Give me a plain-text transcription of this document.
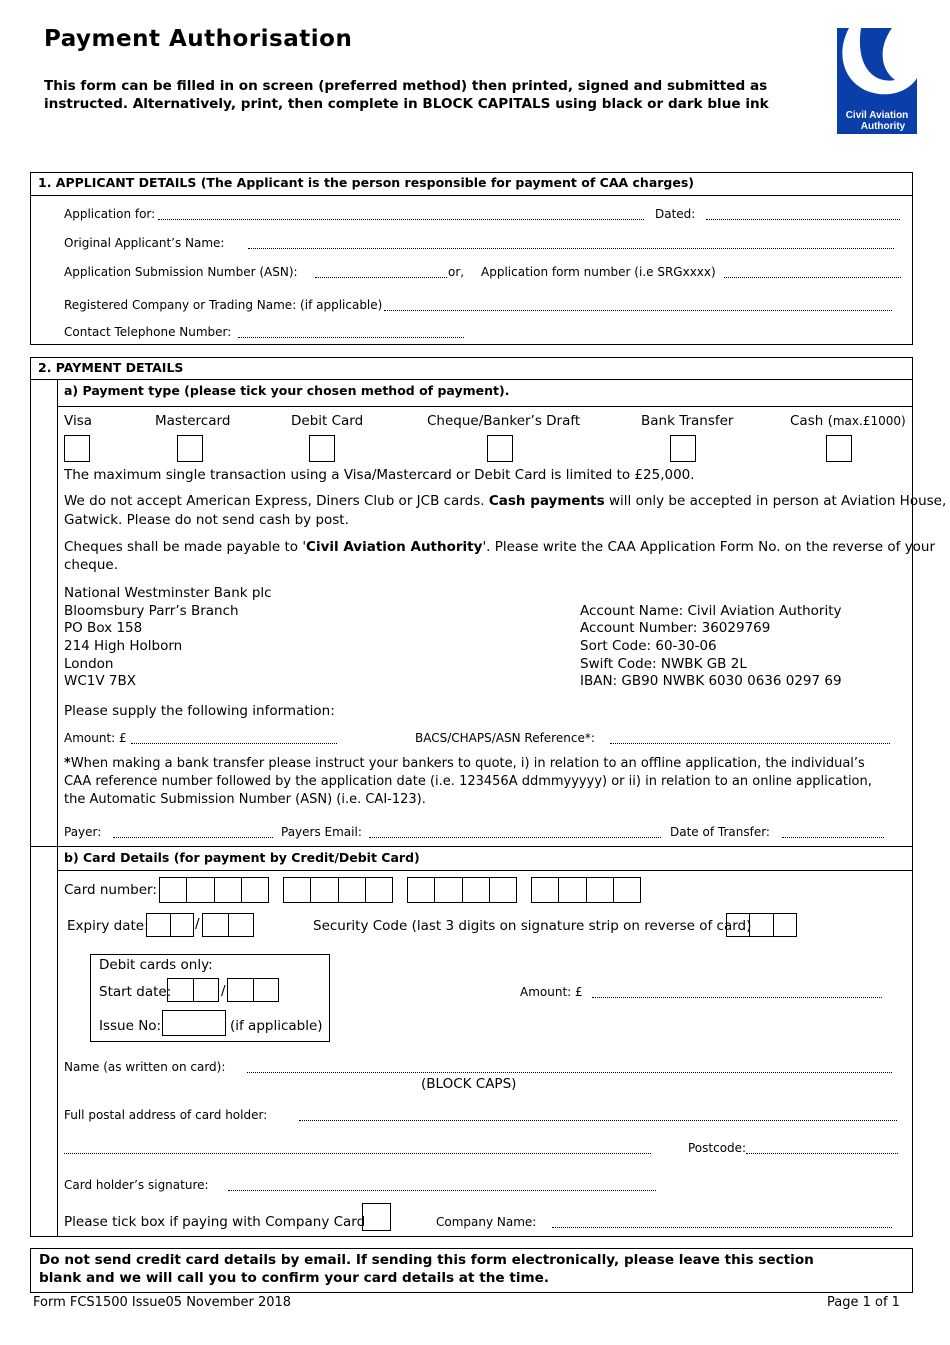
Payment Authorisation
This form can be filled in on screen (preferred method) then printed, signed and submitted as instructed. Alternatively, print, then complete in BLOCK CAPITALS using black or dark blue ink
Civil Aviation
Authority
1. APPLICANT DETAILS (The Applicant is the person responsible for payment of CAA charges)
Application for:	Dated:
Original Applicant’s Name:
Application Submission Number (ASN):	or, Application form number (i.e SRGxxxx)
Registered Company or Trading Name: (if applicable)
Contact Telephone Number:
2. PAYMENT DETAILS
a) Payment type (please tick your chosen method of payment).
Visa	Mastercard	Debit Card	Cheque/Banker’s Draft	Bank Transfer	Cash (max.£1000)
The maximum single transaction using a Visa/Mastercard or Debit Card is limited to £25,000.
We do not accept American Express, Diners Club or JCB cards. Cash payments will only be accepted in person at Aviation House,
Gatwick. Please do not send cash by post.
Cheques shall be made payable to 'Civil Aviation Authority'. Please write the CAA Application Form No. on the reverse of your
cheque.
National Westminster Bank plc
Bloomsbury Parr’s Branch
PO Box 158
214 High Holborn
London
WC1V 7BX
Account Name: Civil Aviation Authority
Account Number: 36029769
Sort Code: 60-30-06
Swift Code: NWBK GB 2L
IBAN: GB90 NWBK 6030 0636 0297 69
Please supply the following information:
Amount: £	BACS/CHAPS/ASN Reference*:
*When making a bank transfer please instruct your bankers to quote, i) in relation to an offline application, the individual’s CAA reference number followed by the application date (i.e. 123456A ddmmyyyyy) or ii) in relation to an online application, the Automatic Submission Number (ASN) (i.e. CAI-123).
Payer:	Payers Email:	Date of Transfer:
b) Card Details (for payment by Credit/Debit Card)
Card number:
Expiry date:	/	Security Code (last 3 digits on signature strip on reverse of card)
Debit cards only:
Start date:	/
Issue No:	(if applicable)
Amount: £
Name (as written on card):
(BLOCK CAPS)
Full postal address of card holder:
Postcode:
Card holder’s signature:
Please tick box if paying with Company Card	Company Name:
Do not send credit card details by email. If sending this form electronically, please leave this section blank and we will call you to confirm your card details at the time.
Form FCS1500 Issue05 November 2018	Page 1 of 1
